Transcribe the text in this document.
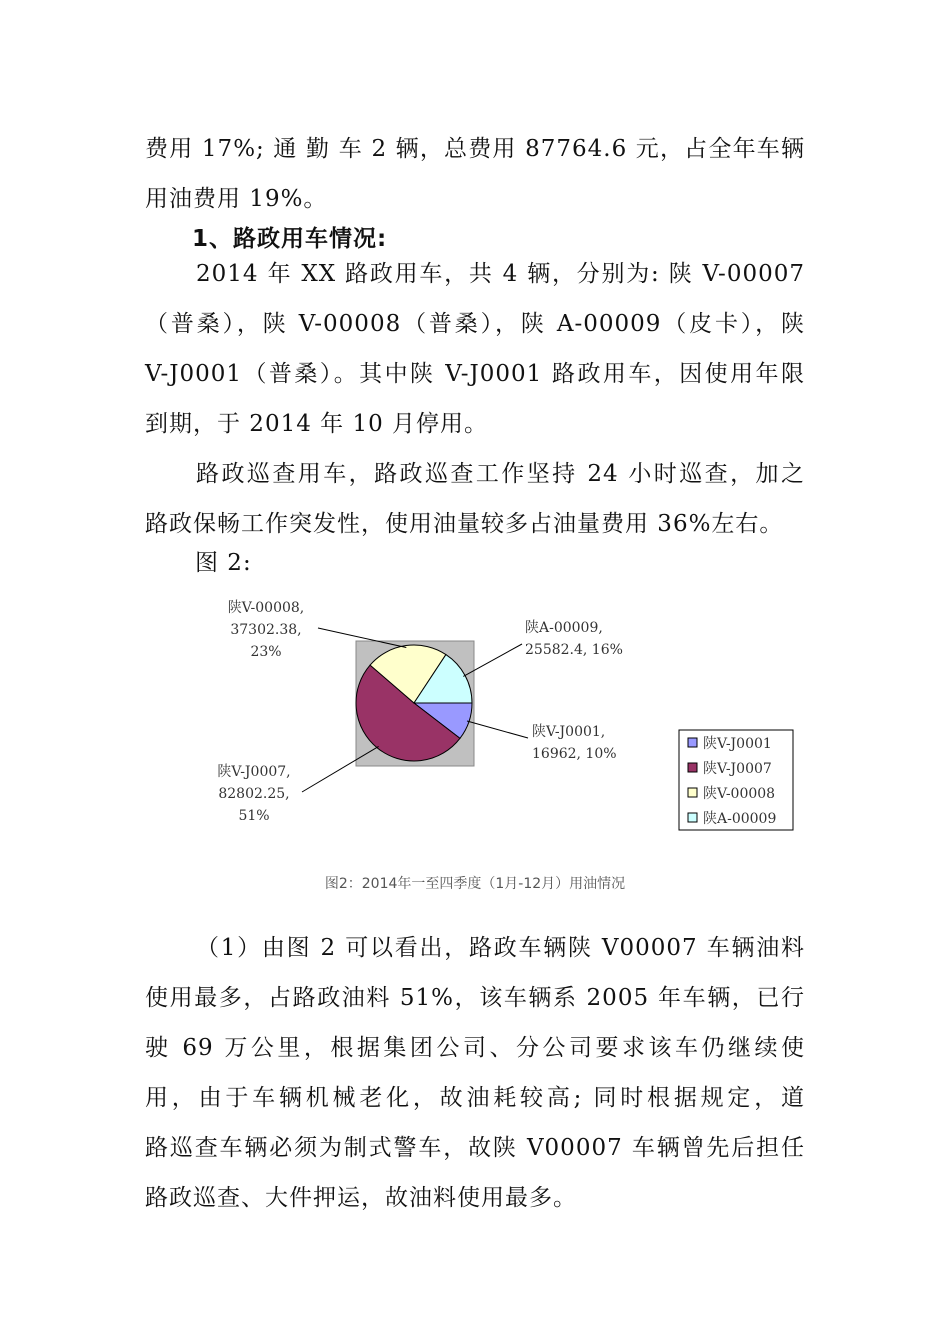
费用 17%; 通 勤 车 2 辆，总费用 87764.6 元，占全年车辆
用油费用 19%。
1、路政用车情况:
2014 年 XX 路政用车，共 4 辆，分别为: 陕 V-00007
（普桑），陕 V-00008（普桑），陕 A-00009（皮卡），陕
V-J0001（普桑）。其中陕 V-J0001 路政用车，因使用年限
到期，于 2014 年 10 月停用。
路政巡查用车，路政巡查工作坚持 24 小时巡查，加之
路政保畅工作突发性，使用油量较多占油量费用 36%左右。
图 2:
陕V-J0001,
16962, 10%
陕V-J0007,
82802.25,
51%
陕V-00008,
37302.38,
23%
陕A-00009,
25582.4, 16%
陕V-J0001
陕V-J0007
陕V-00008
陕A-00009
图2：2014年一至四季度（1月-12月）用油情况
（1）由图 2 可以看出，路政车辆陕 V00007 车辆油料
使用最多，占路政油料 51%，该车辆系 2005 年车辆，已行
驶 69 万公里，根据集团公司、分公司要求该车仍继续使
用，由于车辆机械老化，故油耗较高; 同时根据规定，道
路巡查车辆必须为制式警车，故陕 V00007 车辆曾先后担任
路政巡查、大件押运，故油料使用最多。
